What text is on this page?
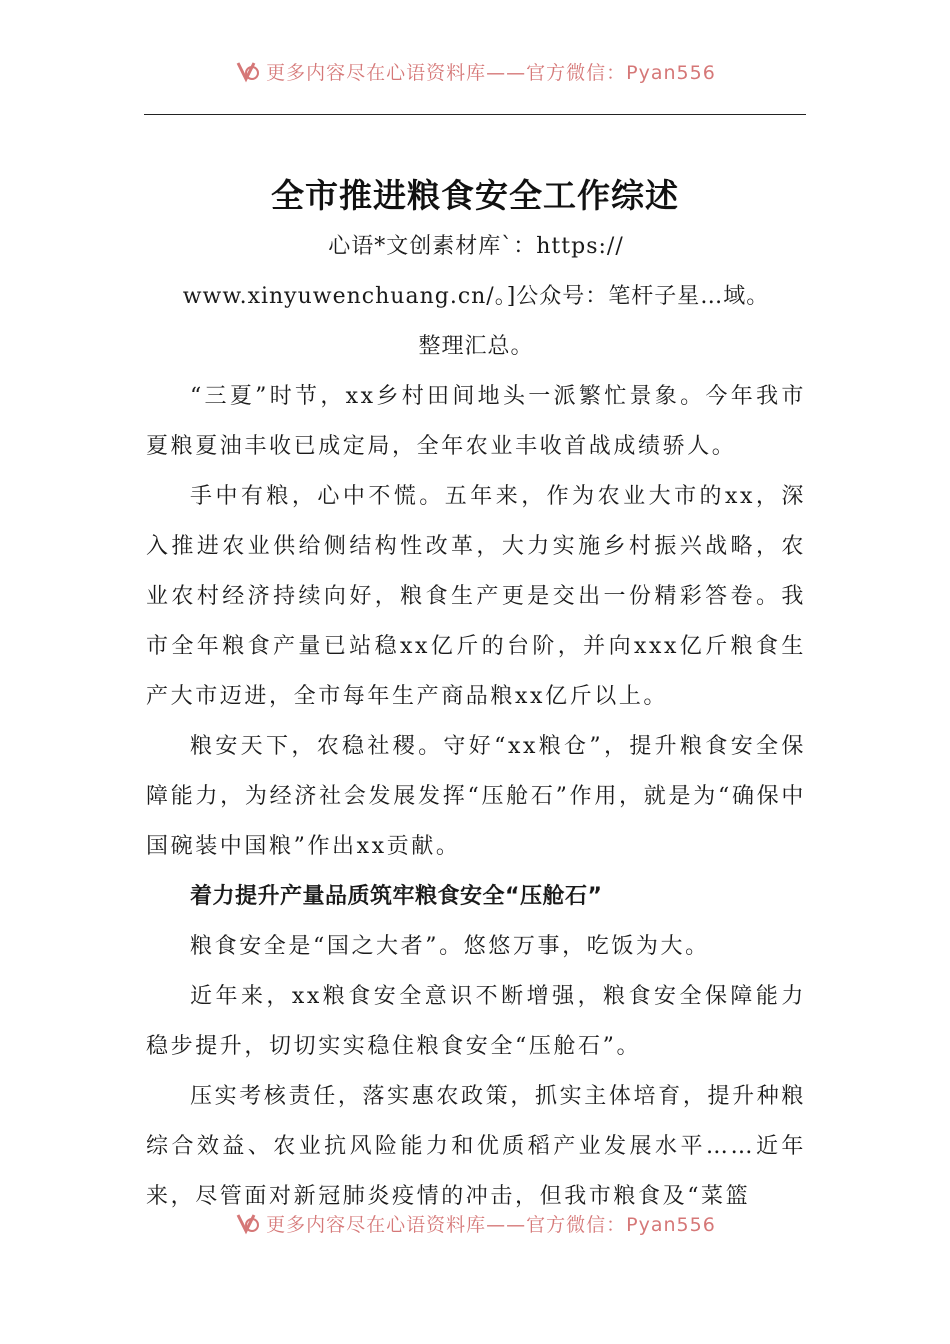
更多内容尽在心语资料库——官方微信：Pyan556
全市推进粮食安全工作综述

心语*文创素材库`：https://

www.xinyuwenchuang.cn/。]公众号：笔杆子星…域。

整理汇总。

“三夏”时节，xx乡村田间地头一派繁忙景象。今年我市夏粮夏油丰收已成定局，全年农业丰收首战成绩骄人。

手中有粮，心中不慌。五年来，作为农业大市的xx，深入推进农业供给侧结构性改革，大力实施乡村振兴战略，农业农村经济持续向好，粮食生产更是交出一份精彩答卷。我市全年粮食产量已站稳xx亿斤的台阶，并向xxx亿斤粮食生产大市迈进，全市每年生产商品粮xx亿斤以上。

粮安天下，农稳社稷。守好“xx粮仓”，提升粮食安全保障能力，为经济社会发展发挥“压舱石”作用，就是为“确保中国碗装中国粮”作出xx贡献。

着力提升产量品质筑牢粮食安全“压舱石”

粮食安全是“国之大者”。悠悠万事，吃饭为大。

近年来，xx粮食安全意识不断增强，粮食安全保障能力稳步提升，切切实实稳住粮食安全“压舱石”。

压实考核责任，落实惠农政策，抓实主体培育，提升种粮综合效益、农业抗风险能力和优质稻产业发展水平……近年来，尽管面对新冠肺炎疫情的冲击，但我市粮食及“菜篮

更多内容尽在心语资料库——官方微信：Pyan556
